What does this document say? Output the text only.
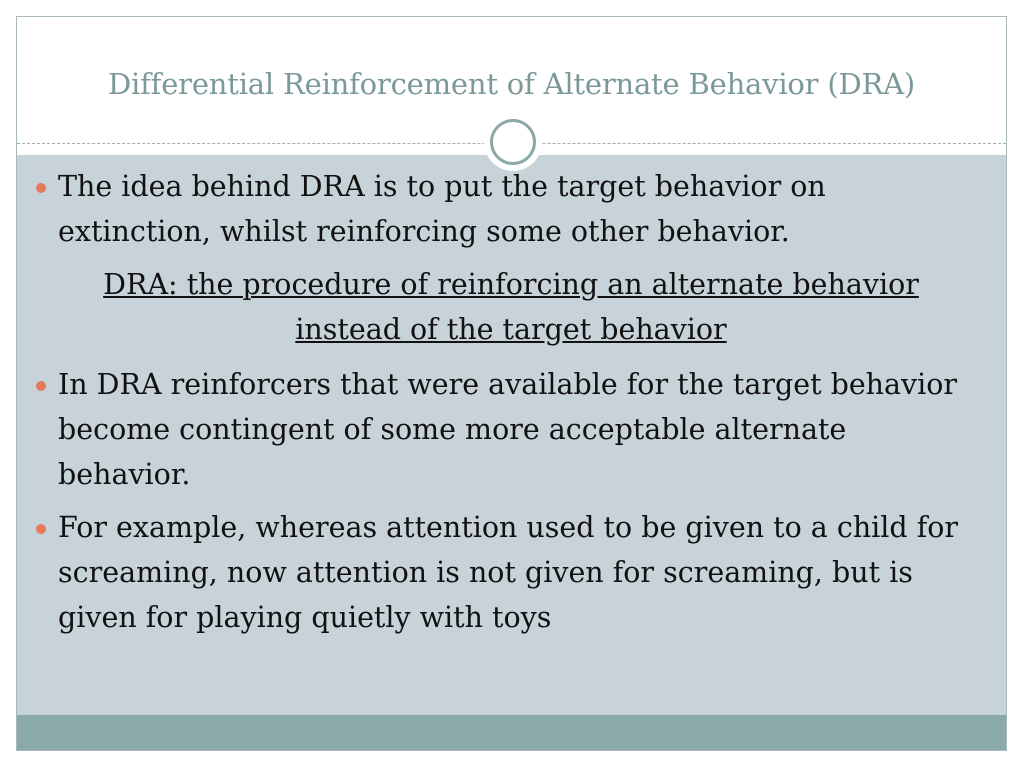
Differential Reinforcement of Alternate Behavior (DRA)
The idea behind DRA is to put the target behavior on extinction, whilst reinforcing some other behavior.
DRA: the procedure of reinforcing an alternate behavior instead of the target behavior
In DRA reinforcers that were available for the target behavior become contingent of some more acceptable alternate behavior.
For example, whereas attention used to be given to a child for screaming, now attention is not given for screaming, but is given for playing quietly with toys
